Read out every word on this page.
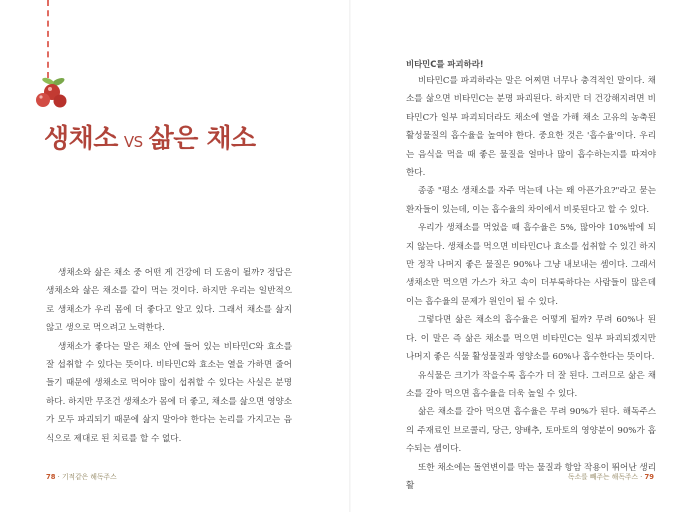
생채소 VS 삶은 채소

생채소와 삶은 채소 중 어떤 게 건강에 더 도움이 될까? 정답은 생채소와 삶은 채소를 같이 먹는 것이다. 하지만 우리는 일반적으로 생채소가 우리 몸에 더 좋다고 알고 있다. 그래서 채소를 삶지 않고 생으로 먹으려고 노력한다.

생채소가 좋다는 말은 채소 안에 들어 있는 비타민C와 효소를 잘 섭취할 수 있다는 뜻이다. 비타민C와 효소는 열을 가하면 줄어들기 때문에 생채소로 먹어야 많이 섭취할 수 있다는 사실은 분명하다. 하지만 무조건 생채소가 몸에 더 좋고, 채소를 삶으면 영양소가 모두 파괴되기 때문에 삶지 말아야 한다는 논리를 가지고는 음식으로 제대로 된 치료를 할 수 없다.

78 · 기적같은 해독주스
비타민C를 파괴하라!

비타민C를 파괴하라는 말은 어찌면 너무나 충격적인 말이다. 채소를 삶으면 비타민C는 분명 파괴된다. 하지만 더 건강해지려면 비타민C가 일부 파괴되더라도 채소에 열을 가해 채소 고유의 농축된 활성물질의 흡수율을 높여야 한다. 중요한 것은 '흡수율'이다. 우리는 음식을 먹을 때 좋은 물질을 얼마나 많이 흡수하는지를 따져야 한다.

종종 "평소 생채소를 자주 먹는데 나는 왜 아픈가요?"라고 묻는 환자들이 있는데, 이는 흡수율의 차이에서 비롯된다고 할 수 있다.

우리가 생채소를 먹었을 때 흡수율은 5%, 많아야 10%밖에 되지 않는다. 생채소를 먹으면 비타민C나 효소를 섭취할 수 있긴 하지만 정작 나머지 좋은 물질은 90%나 그냥 내보내는 셈이다. 그래서 생채소만 먹으면 가스가 차고 속이 더부룩하다는 사람들이 많은데 이는 흡수율의 문제가 원인이 될 수 있다.

그렇다면 삶은 채소의 흡수율은 어떻게 될까? 무려 60%나 된다. 이 말은 즉 삶은 채소를 먹으면 비타민C는 일부 파괴되겠지만 나머지 좋은 식물 활성물질과 영양소를 60%나 흡수한다는 뜻이다.

유식물은 크기가 작을수록 흡수가 더 잘 된다. 그러므로 삶은 채소를 갈아 먹으면 흡수율을 더욱 높일 수 있다.

삶은 채소를 갈아 먹으면 흡수율은 무려 90%가 된다. 해독주스의 주재료인 브로콜리, 당근, 양배추, 토마토의 영양분이 90%가 흡수되는 셈이다.

또한 채소에는 돌연변이를 막는 물질과 항암 작용이 뛰어난 생리활

독소를 빼주는 해독주스 · 79
